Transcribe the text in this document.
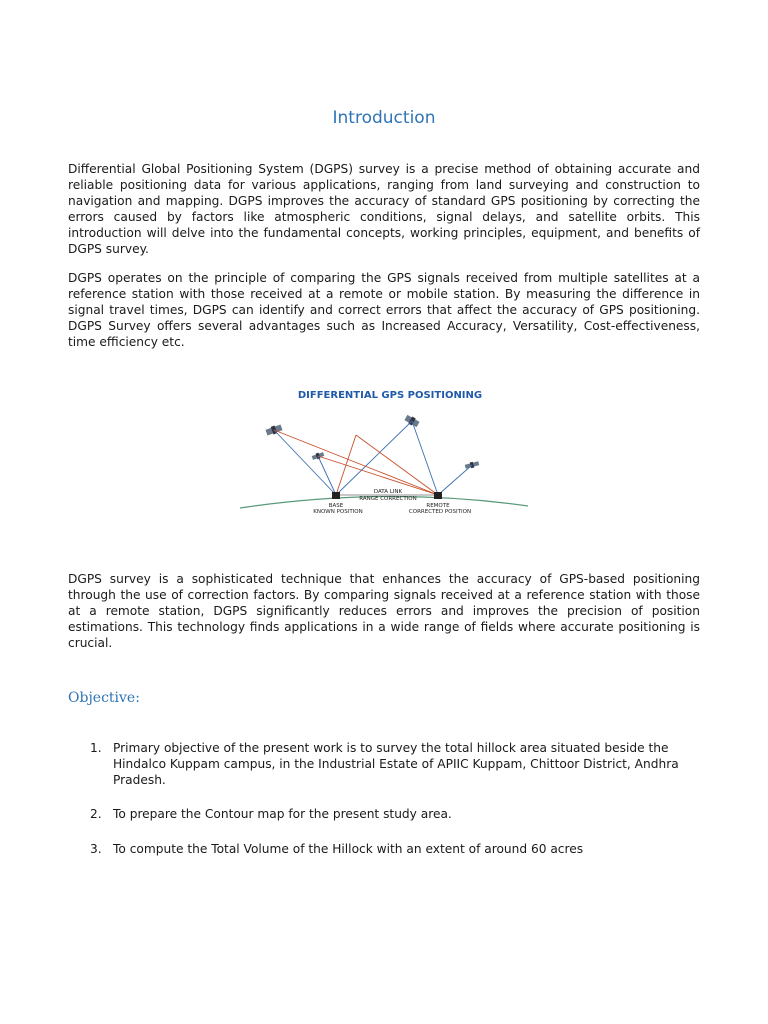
Introduction

Differential Global Positioning System (DGPS) survey is a precise method of obtaining accurate and reliable positioning data for various applications, ranging from land surveying and construction to navigation and mapping. DGPS improves the accuracy of standard GPS positioning by correcting the errors caused by factors like atmospheric conditions, signal delays, and satellite orbits. This introduction will delve into the fundamental concepts, working principles, equipment, and benefits of DGPS survey.

DGPS operates on the principle of comparing the GPS signals received from multiple satellites at a reference station with those received at a remote or mobile station. By measuring the difference in signal travel times, DGPS can identify and correct errors that affect the accuracy of GPS positioning. DGPS Survey offers several advantages such as Increased Accuracy, Versatility, Cost-effectiveness, time efficiency etc.

DIFFERENTIAL GPS POSITIONING
DATA LINK
RANGE CORRECTION
BASE
KNOWN POSITION
REMOTE
CORRECTED POSITION

DGPS survey is a sophisticated technique that enhances the accuracy of GPS-based positioning through the use of correction factors. By comparing signals received at a reference station with those at a remote station, DGPS significantly reduces errors and improves the precision of position estimations. This technology finds applications in a wide range of fields where accurate positioning is crucial.

Objective:
1. Primary objective of the present work is to survey the total hillock area situated beside the Hindalco Kuppam campus, in the Industrial Estate of APIIC Kuppam, Chittoor District, Andhra Pradesh.
2. To prepare the Contour map for the present study area.
3. To compute the Total Volume of the Hillock with an extent of around 60 acres
